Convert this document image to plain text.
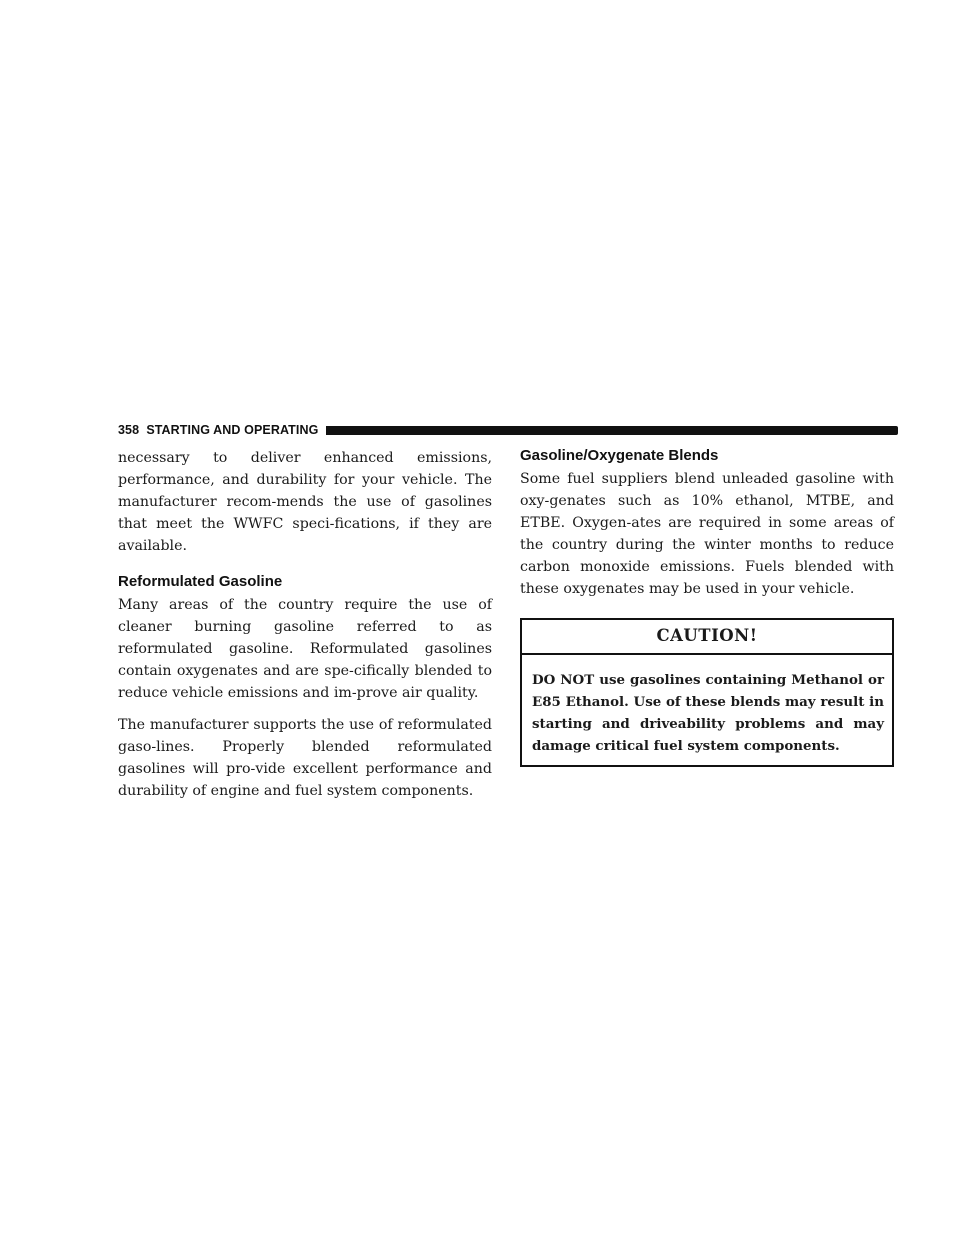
358
STARTING AND OPERATING

necessary to deliver enhanced emissions, performance, and durability for your vehicle. The manufacturer recom-mends the use of gasolines that meet the WWFC speci-fications, if they are available.

Reformulated Gasoline

Many areas of the country require the use of cleaner burning gasoline referred to as reformulated gasoline. Reformulated gasolines contain oxygenates and are spe-cifically blended to reduce vehicle emissions and im-prove air quality.

The manufacturer supports the use of reformulated gaso-lines. Properly blended reformulated gasolines will pro-vide excellent performance and durability of engine and fuel system components.

Gasoline/Oxygenate Blends

Some fuel suppliers blend unleaded gasoline with oxy-genates such as 10% ethanol, MTBE, and ETBE. Oxygen-ates are required in some areas of the country during the winter months to reduce carbon monoxide emissions. Fuels blended with these oxygenates may be used in your vehicle.

CAUTION!
DO NOT use gasolines containing Methanol or E85 Ethanol. Use of these blends may result in starting and driveability problems and may damage critical fuel system components.
